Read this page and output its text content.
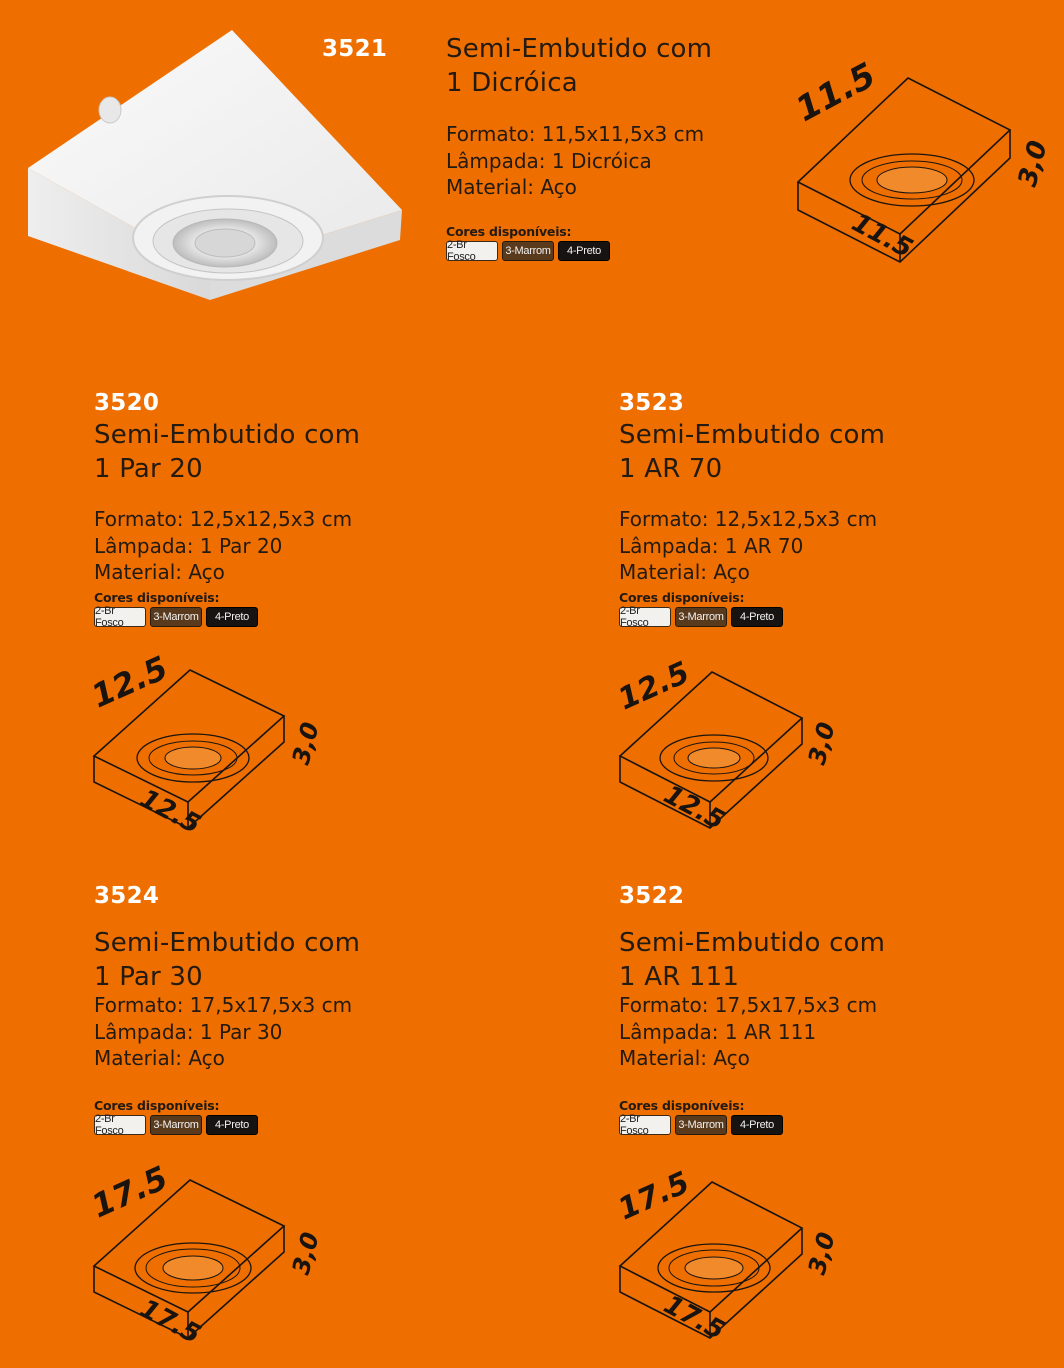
3521 Semi-Embutido com
1 Dicróica
Formato: 11,5x11,5x3 cm
Lâmpada: 1 Dicróica
Material: Aço
Cores disponíveis:
2-Br Fosco	3-Marrom	4-Preto
11.5
11.5
3,0
3520
Semi-Embutido com
1 Par 20
Formato: 12,5x12,5x3 cm
Lâmpada: 1 Par 20
Material: Aço
Cores disponíveis:
2-Br Fosco	3-Marrom	4-Preto
12.5
12.5
3,0
3523
Semi-Embutido com
1 AR 70
Formato: 12,5x12,5x3 cm
Lâmpada: 1 AR 70
Material: Aço
Cores disponíveis:
2-Br Fosco	3-Marrom	4-Preto
12.5
12.5
3,0
3524
Semi-Embutido com
1 Par 30
Formato: 17,5x17,5x3 cm
Lâmpada: 1 Par 30
Material: Aço
Cores disponíveis:
2-Br Fosco	3-Marrom	4-Preto
17.5
17.5
3,0
3522
Semi-Embutido com
1 AR 111
Formato: 17,5x17,5x3 cm
Lâmpada: 1 AR 111
Material: Aço
Cores disponíveis:
2-Br Fosco	3-Marrom	4-Preto
17.5
17.5
3,0
